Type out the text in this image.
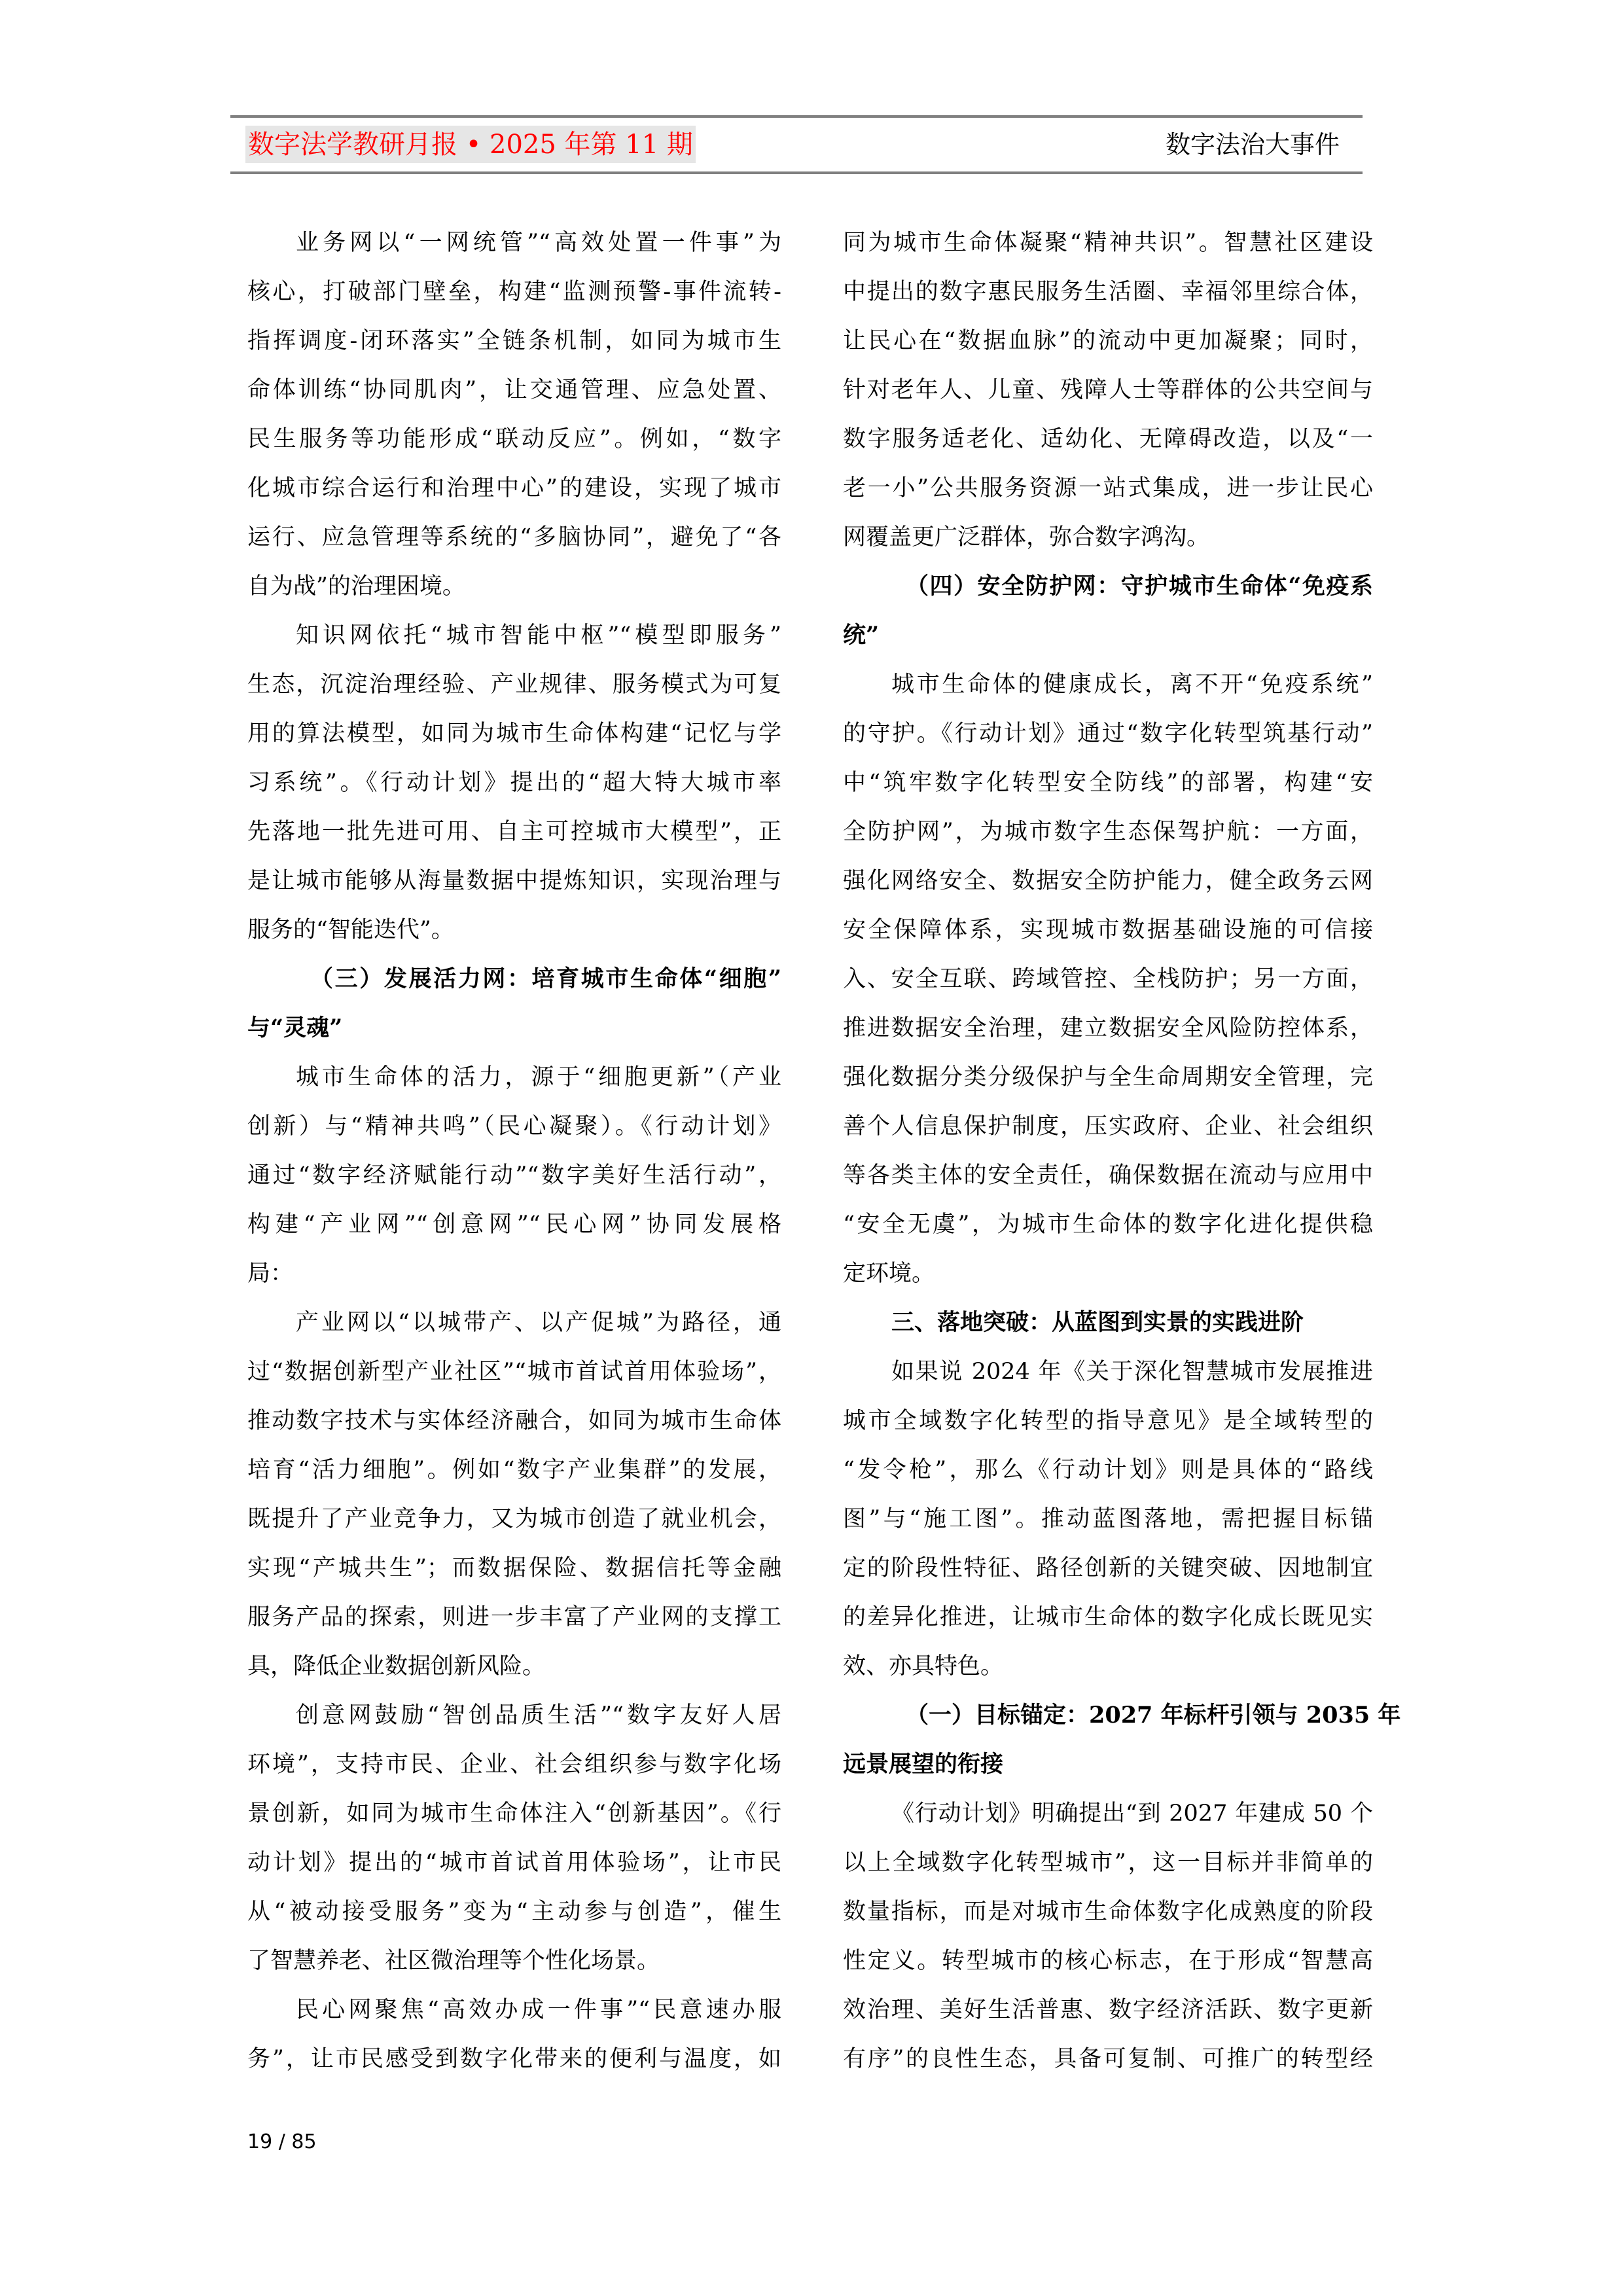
数字法学教研月报 • 2025 年第 11 期	数字法治大事件
业务网以“一网统管”“高效处置一件事”为
核心，打破部门壁垒，构建“监测预警-事件流转-
指挥调度-闭环落实”全链条机制，如同为城市生
命体训练“协同肌肉”，让交通管理、应急处置、
民生服务等功能形成“联动反应”。例如，“数字
化城市综合运行和治理中心”的建设，实现了城市
运行、应急管理等系统的“多脑协同”，避免了“各
自为战”的治理困境。
知识网依托“城市智能中枢”“模型即服务”
生态，沉淀治理经验、产业规律、服务模式为可复
用的算法模型，如同为城市生命体构建“记忆与学
习系统”。《行动计划》提出的“超大特大城市率
先落地一批先进可用、自主可控城市大模型”，正
是让城市能够从海量数据中提炼知识，实现治理与
服务的“智能迭代”。
（三）发展活力网：培育城市生命体“细胞”
与“灵魂”
城市生命体的活力，源于“细胞更新”（产业
创新）与“精神共鸣”（民心凝聚）。《行动计划》
通过“数字经济赋能行动”“数字美好生活行动”，
构建“产业网”“创意网”“民心网”协同发展格
局：
产业网以“以城带产、以产促城”为路径，通
过“数据创新型产业社区”“城市首试首用体验场”，
推动数字技术与实体经济融合，如同为城市生命体
培育“活力细胞”。例如“数字产业集群”的发展，
既提升了产业竞争力，又为城市创造了就业机会，
实现“产城共生”；而数据保险、数据信托等金融
服务产品的探索，则进一步丰富了产业网的支撑工
具，降低企业数据创新风险。
创意网鼓励“智创品质生活”“数字友好人居
环境”，支持市民、企业、社会组织参与数字化场
景创新，如同为城市生命体注入“创新基因”。《行
动计划》提出的“城市首试首用体验场”，让市民
从“被动接受服务”变为“主动参与创造”，催生
了智慧养老、社区微治理等个性化场景。
民心网聚焦“高效办成一件事”“民意速办服
务”，让市民感受到数字化带来的便利与温度，如
同为城市生命体凝聚“精神共识”。智慧社区建设
中提出的数字惠民服务生活圈、幸福邻里综合体，
让民心在“数据血脉”的流动中更加凝聚；同时，
针对老年人、儿童、残障人士等群体的公共空间与
数字服务适老化、适幼化、无障碍改造，以及“一
老一小”公共服务资源一站式集成，进一步让民心
网覆盖更广泛群体，弥合数字鸿沟。
（四）安全防护网：守护城市生命体“免疫系
统”
城市生命体的健康成长，离不开“免疫系统”
的守护。《行动计划》通过“数字化转型筑基行动”
中“筑牢数字化转型安全防线”的部署，构建“安
全防护网”，为城市数字生态保驾护航：一方面，
强化网络安全、数据安全防护能力，健全政务云网
安全保障体系，实现城市数据基础设施的可信接
入、安全互联、跨域管控、全栈防护；另一方面，
推进数据安全治理，建立数据安全风险防控体系，
强化数据分类分级保护与全生命周期安全管理，完
善个人信息保护制度，压实政府、企业、社会组织
等各类主体的安全责任，确保数据在流动与应用中
“安全无虞”，为城市生命体的数字化进化提供稳
定环境。
三、落地突破：从蓝图到实景的实践进阶
如果说 2024 年《关于深化智慧城市发展推进
城市全域数字化转型的指导意见》是全域转型的
“发令枪”，那么《行动计划》则是具体的“路线
图”与“施工图”。推动蓝图落地，需把握目标锚
定的阶段性特征、路径创新的关键突破、因地制宜
的差异化推进，让城市生命体的数字化成长既见实
效、亦具特色。
（一）目标锚定：2027 年标杆引领与 2035 年
远景展望的衔接
《行动计划》明确提出“到 2027 年建成 50 个
以上全域数字化转型城市”，这一目标并非简单的
数量指标，而是对城市生命体数字化成熟度的阶段
性定义。转型城市的核心标志，在于形成“智慧高
效治理、美好生活普惠、数字经济活跃、数字更新
有序”的良性生态，具备可复制、可推广的转型经
19 / 85
